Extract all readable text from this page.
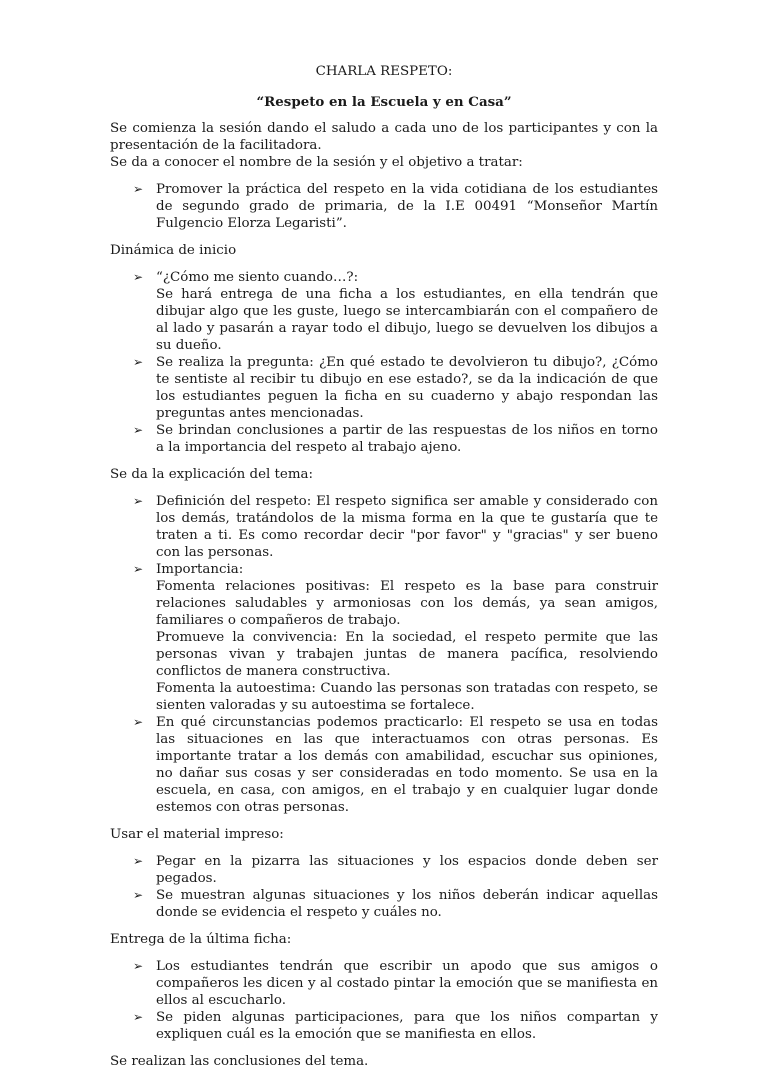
CHARLA RESPETO:

“Respeto en la Escuela y en Casa”

Se comienza la sesión dando el saludo a cada uno de los participantes y con la presentación de la facilitadora.

Se da a conocer el nombre de la sesión y el objetivo a tratar:

➢ Promover la práctica del respeto en la vida cotidiana de los estudiantes de segundo grado de primaria, de la I.E 00491 “Monseñor Martín Fulgencio Elorza Legaristi”.

Dinámica de inicio

➢ “¿Cómo me siento cuando…?:
Se hará entrega de una ficha a los estudiantes, en ella tendrán que dibujar algo que les guste, luego se intercambiarán con el compañero de al lado y pasarán a rayar todo el dibujo, luego se devuelven los dibujos a su dueño.
➢ Se realiza la pregunta: ¿En qué estado te devolvieron tu dibujo?, ¿Cómo te sentiste al recibir tu dibujo en ese estado?, se da la indicación de que los estudiantes peguen la ficha en su cuaderno y abajo respondan las preguntas antes mencionadas.
➢ Se brindan conclusiones a partir de las respuestas de los niños en torno a la importancia del respeto al trabajo ajeno.

Se da la explicación del tema:

➢ Definición del respeto: El respeto significa ser amable y considerado con los demás, tratándolos de la misma forma en la que te gustaría que te traten a ti. Es como recordar decir "por favor" y "gracias" y ser bueno con las personas.
➢ Importancia:
Fomenta relaciones positivas: El respeto es la base para construir relaciones saludables y armoniosas con los demás, ya sean amigos, familiares o compañeros de trabajo.
Promueve la convivencia: En la sociedad, el respeto permite que las personas vivan y trabajen juntas de manera pacífica, resolviendo conflictos de manera constructiva.
Fomenta la autoestima: Cuando las personas son tratadas con respeto, se sienten valoradas y su autoestima se fortalece.
➢ En qué circunstancias podemos practicarlo: El respeto se usa en todas las situaciones en las que interactuamos con otras personas. Es importante tratar a los demás con amabilidad, escuchar sus opiniones, no dañar sus cosas y ser consideradas en todo momento. Se usa en la escuela, en casa, con amigos, en el trabajo y en cualquier lugar donde estemos con otras personas.

Usar el material impreso:

➢ Pegar en la pizarra las situaciones y los espacios donde deben ser pegados.
➢ Se muestran algunas situaciones y los niños deberán indicar aquellas donde se evidencia el respeto y cuáles no.

Entrega de la última ficha:

➢ Los estudiantes tendrán que escribir un apodo que sus amigos o compañeros les dicen y al costado pintar la emoción que se manifiesta en ellos al escucharlo.
➢ Se piden algunas participaciones, para que los niños compartan y expliquen cuál es la emoción que se manifiesta en ellos.

Se realizan las conclusiones del tema.
